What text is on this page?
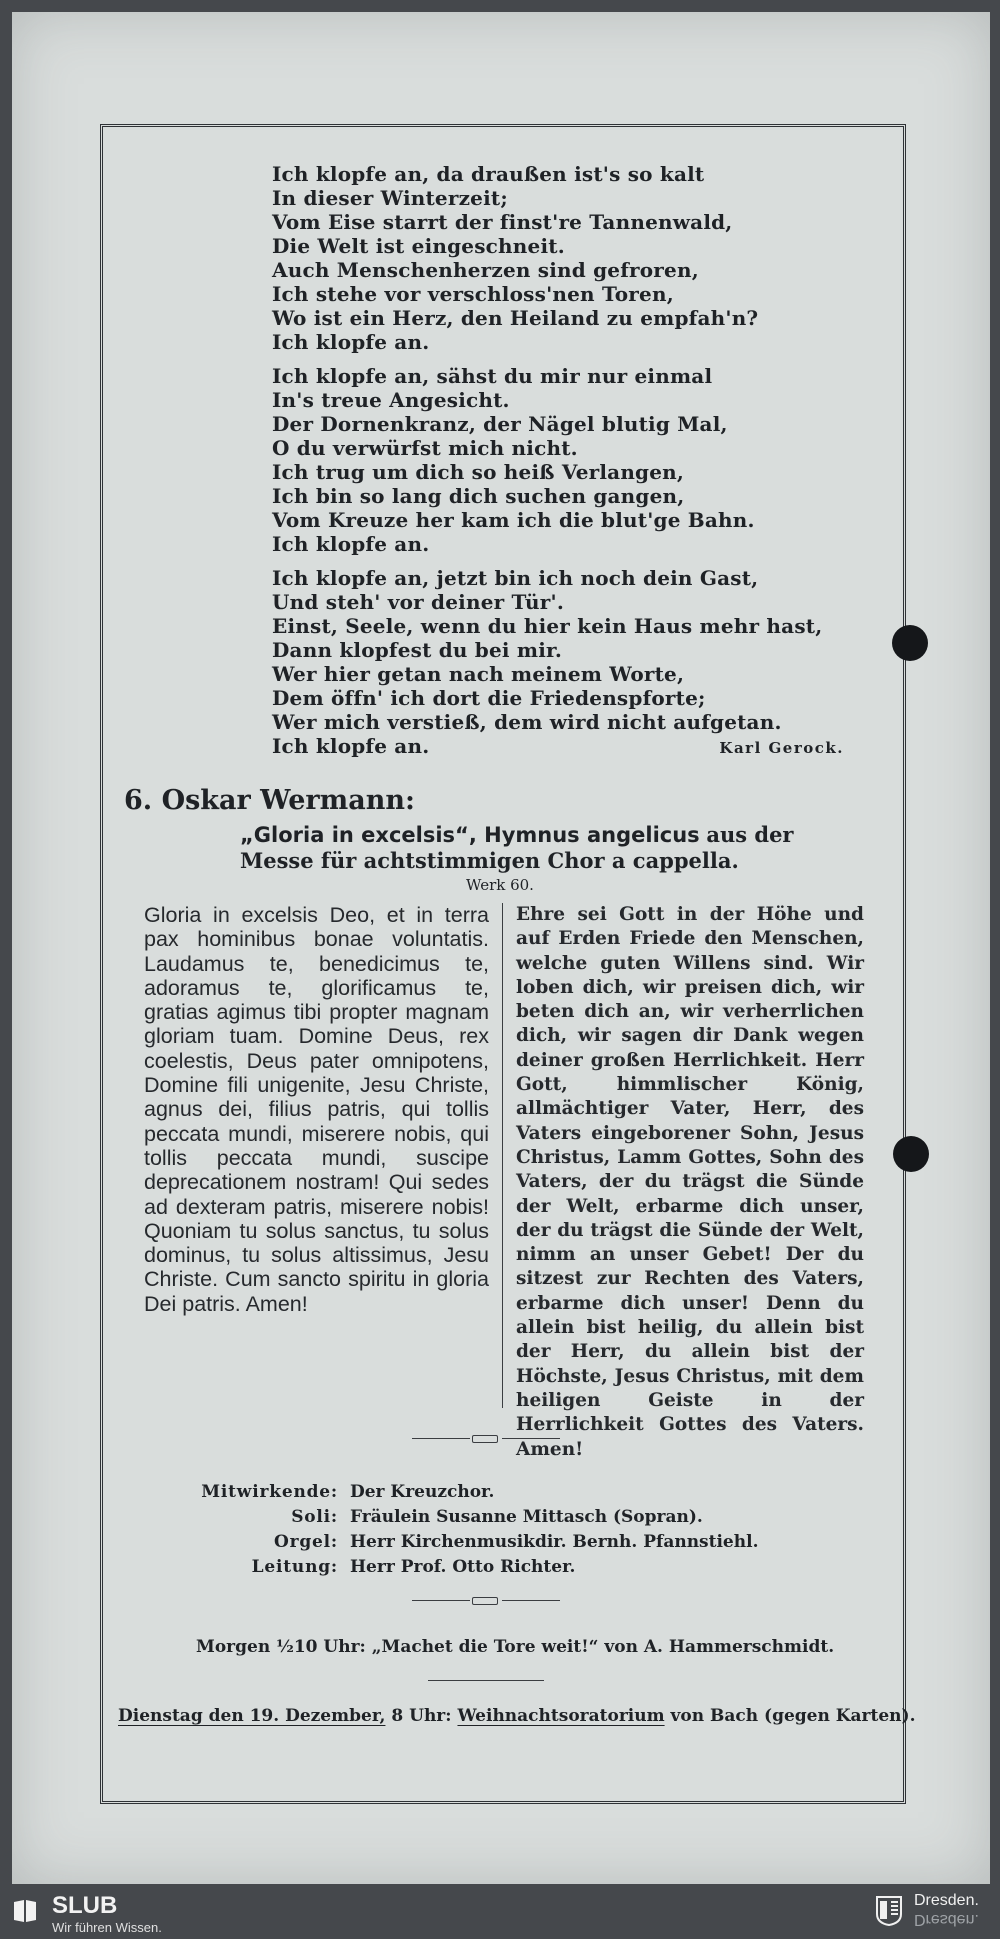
Ich klopfe an, da draußen ist's so kalt
In dieser Winterzeit;
Vom Eise starrt der finst're Tannenwald,
Die Welt ist eingeschneit.
Auch Menschenherzen sind gefroren,
Ich stehe vor verschloss'nen Toren,
Wo ist ein Herz, den Heiland zu empfah'n?
Ich klopfe an.
Ich klopfe an, sähst du mir nur einmal
In's treue Angesicht.
Der Dornenkranz, der Nägel blutig Mal,
O du verwürfst mich nicht.
Ich trug um dich so heiß Verlangen,
Ich bin so lang dich suchen gangen,
Vom Kreuze her kam ich die blut'ge Bahn.
Ich klopfe an.
Ich klopfe an, jetzt bin ich noch dein Gast,
Und steh' vor deiner Tür'.
Einst, Seele, wenn du hier kein Haus mehr hast,
Dann klopfest du bei mir.
Wer hier getan nach meinem Worte,
Dem öffn' ich dort die Friedenspforte;
Wer mich verstieß, dem wird nicht aufgetan.
Ich klopfe an.	Karl Gerock.
6. Oskar Wermann:
„Gloria in excelsis“, Hymnus angelicus aus der
Messe für achtstimmigen Chor a cappella.
Werk 60.
Gloria in excelsis Deo, et in terra pax hominibus bonae voluntatis. Laudamus te, benedicimus te, adoramus te, glorificamus te, gratias agimus tibi propter magnam gloriam tuam. Domine Deus, rex coelestis, Deus pater omnipotens, Domine fili unigenite, Jesu Christe, agnus dei, filius patris, qui tollis peccata mundi, miserere nobis, qui tollis peccata mundi, suscipe deprecationem nostram! Qui sedes ad dexteram patris, miserere nobis! Quoniam tu solus sanctus, tu solus dominus, tu solus altissimus, Jesu Christe. Cum sancto spiritu in gloria Dei patris. Amen!
Ehre sei Gott in der Höhe und auf Erden Friede den Menschen, welche guten Willens sind. Wir loben dich, wir preisen dich, wir beten dich an, wir verherrlichen dich, wir sagen dir Dank wegen deiner großen Herrlichkeit. Herr Gott, himmlischer König, allmächtiger Vater, Herr, des Vaters eingeborener Sohn, Jesus Christus, Lamm Gottes, Sohn des Vaters, der du trägst die Sünde der Welt, erbarme dich unser, der du trägst die Sünde der Welt, nimm an unser Gebet! Der du sitzest zur Rechten des Vaters, erbarme dich unser! Denn du allein bist heilig, du allein bist der Herr, du allein bist der Höchste, Jesus Christus, mit dem heiligen Geiste in der Herrlichkeit Gottes des Vaters. Amen!
Mitwirkende: Der Kreuzchor.
Soli: Fräulein Susanne Mittasch (Sopran).
Orgel: Herr Kirchenmusikdir. Bernh. Pfannstiehl.
Leitung: Herr Prof. Otto Richter.
Morgen ½10 Uhr: „Machet die Tore weit!“ von A. Hammerschmidt.
Dienstag den 19. Dezember, 8 Uhr: Weihnachtsoratorium von Bach (gegen Karten).
SLUB
Wir führen Wissen.
Dresden.
Dresden.
